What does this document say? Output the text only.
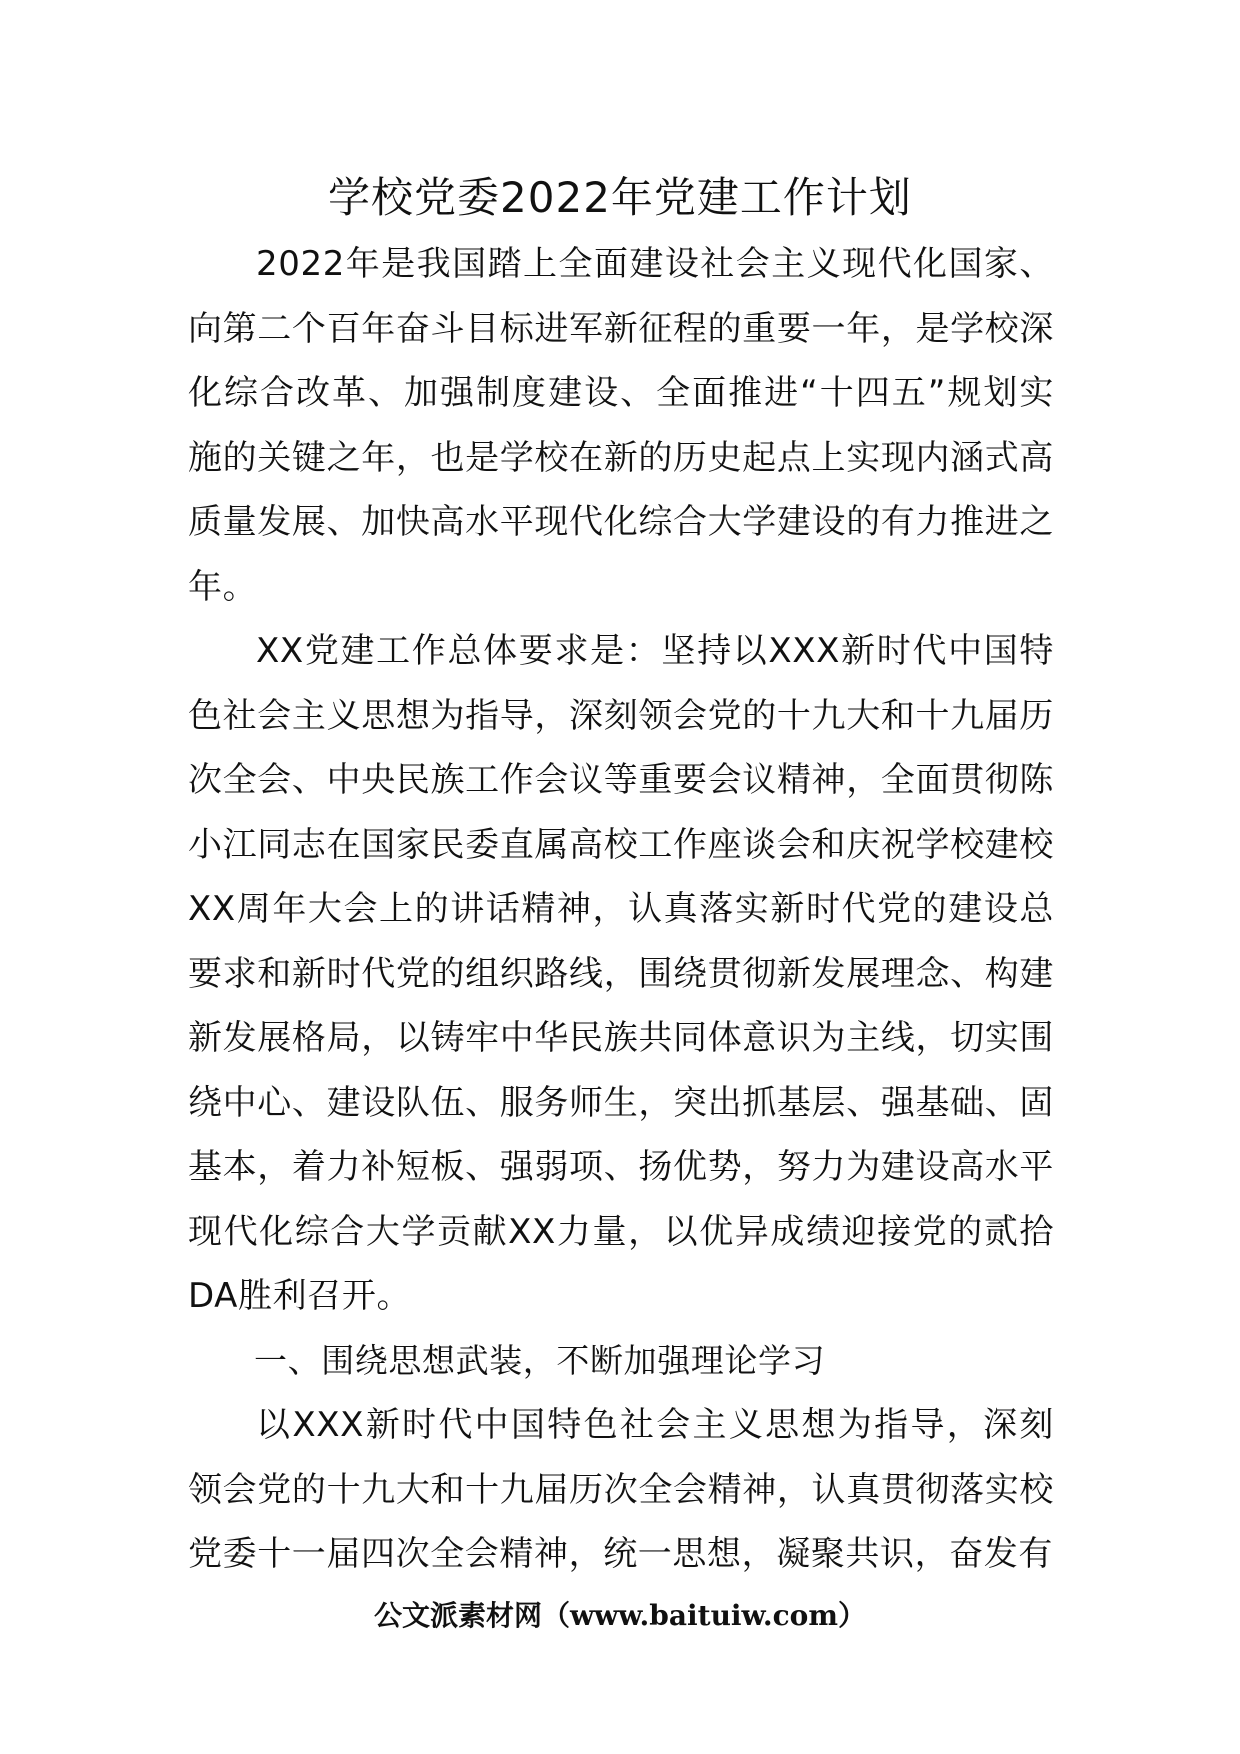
学校党委2022年党建工作计划

2022年是我国踏上全面建设社会主义现代化国家、向第二个百年奋斗目标进军新征程的重要一年，是学校深化综合改革、加强制度建设、全面推进“十四五”规划实施的关键之年，也是学校在新的历史起点上实现内涵式高质量发展、加快高水平现代化综合大学建设的有力推进之年。

XX党建工作总体要求是：坚持以XXX新时代中国特色社会主义思想为指导，深刻领会党的十九大和十九届历次全会、中央民族工作会议等重要会议精神，全面贯彻陈小江同志在国家民委直属高校工作座谈会和庆祝学校建校XX周年大会上的讲话精神，认真落实新时代党的建设总要求和新时代党的组织路线，围绕贯彻新发展理念、构建新发展格局，以铸牢中华民族共同体意识为主线，切实围绕中心、建设队伍、服务师生，突出抓基层、强基础、固基本，着力补短板、强弱项、扬优势，努力为建设高水平现代化综合大学贡献XX力量，以优异成绩迎接党的贰拾DA胜利召开。

一、围绕思想武装，不断加强理论学习

以XXX新时代中国特色社会主义思想为指导，深刻领会党的十九大和十九届历次全会精神，认真贯彻落实校党委十一届四次全会精神，统一思想，凝聚共识，奋发有

公文派素材网（www.baituiw.com）
